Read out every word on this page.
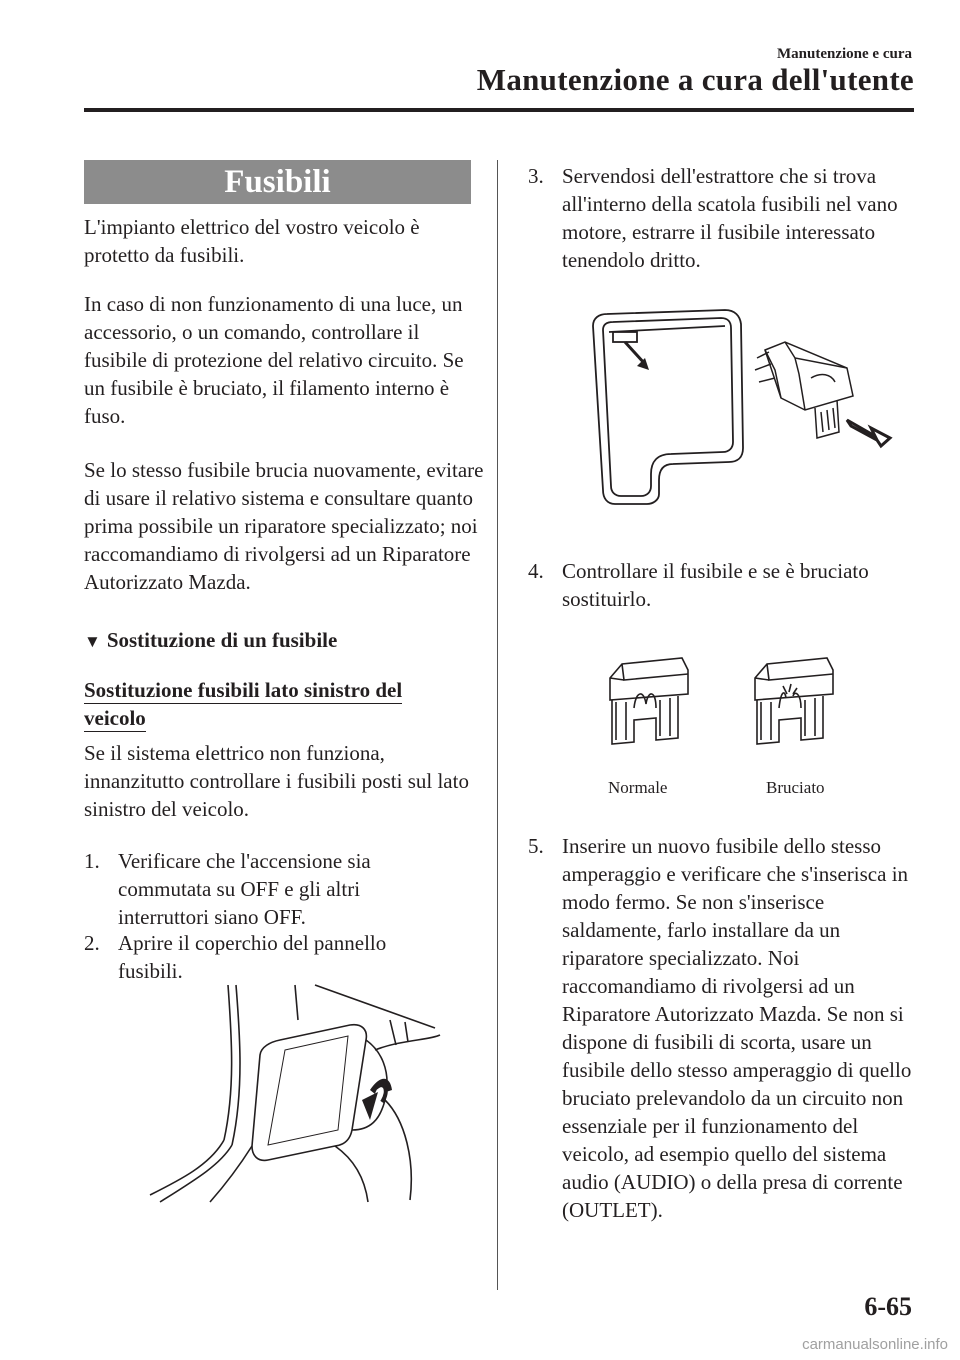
Manutenzione e cura
Manutenzione a cura dell'utente
Fusibili

L'impianto elettrico del vostro veicolo è protetto da fusibili.

In caso di non funzionamento di una luce, un accessorio, o un comando, controllare il fusibile di protezione del relativo circuito. Se un fusibile è bruciato, il filamento interno è fuso.

Se lo stesso fusibile brucia nuovamente, evitare di usare il relativo sistema e consultare quanto prima possibile un riparatore specializzato; noi raccomandiamo di rivolgersi ad un Riparatore Autorizzato Mazda.

▼ Sostituzione di un fusibile
Sostituzione fusibili lato sinistro del veicolo

Se il sistema elettrico non funziona, innanzitutto controllare i fusibili posti sul lato sinistro del veicolo.

1. Verificare che l'accensione sia commutata su OFF e gli altri interruttori siano OFF.
2. Aprire il coperchio del pannello fusibili.
3. Servendosi dell'estrattore che si trova all'interno della scatola fusibili nel vano motore, estrarre il fusibile interessato tenendolo dritto.
4. Controllare il fusibile e se è bruciato sostituirlo.
Normale	Bruciato
5. Inserire un nuovo fusibile dello stesso amperaggio e verificare che s'inserisca in modo fermo. Se non s'inserisce saldamente, farlo installare da un riparatore specializzato. Noi raccomandiamo di rivolgersi ad un Riparatore Autorizzato Mazda. Se non si dispone di fusibili di scorta, usare un fusibile dello stesso amperaggio di quello bruciato prelevandolo da un circuito non essenziale per il funzionamento del veicolo, ad esempio quello del sistema audio (AUDIO) o della presa di corrente (OUTLET).
6-65
carmanualsonline.info
